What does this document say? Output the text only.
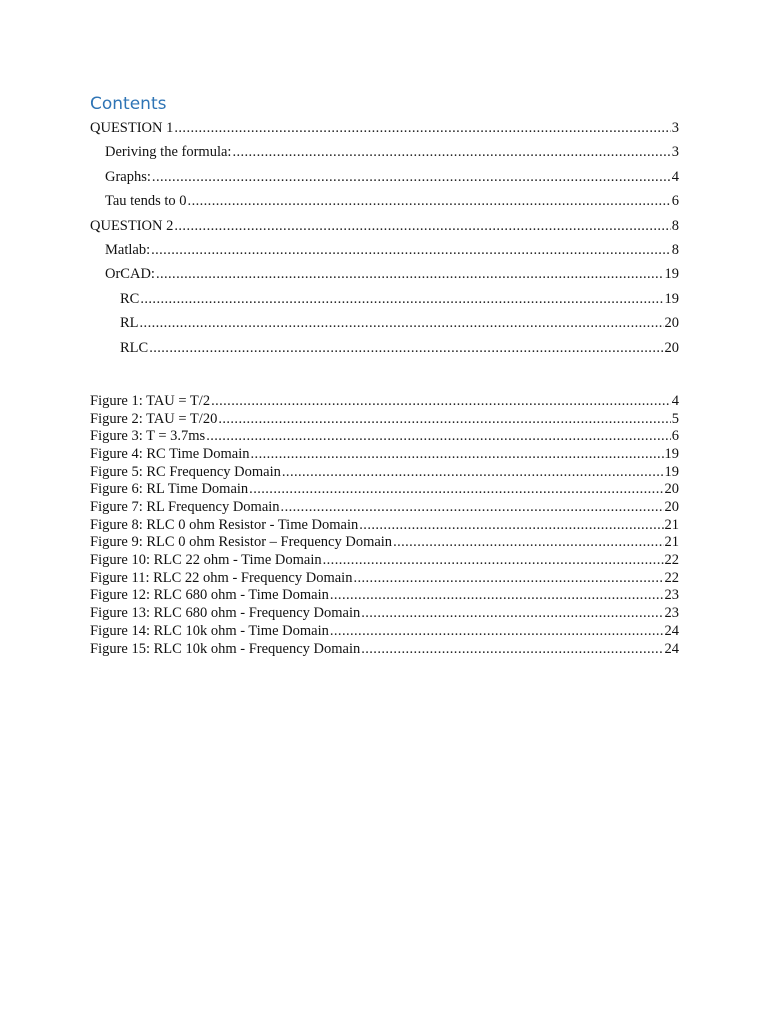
Contents
QUESTION 1 .....	3
Deriving the formula: .....	3
Graphs: .....	4
Tau tends to 0 .....	6
QUESTION 2 .....	8
Matlab: .....	8
OrCAD: .....	19
RC .....	19
RL .....	20
RLC .....	20
Figure 1: TAU = T/2 .....	4
Figure 2: TAU = T/20 .....	5
Figure 3: T = 3.7ms .....	6
Figure 4: RC Time Domain .....	19
Figure 5: RC Frequency Domain .....	19
Figure 6: RL Time Domain .....	20
Figure 7: RL Frequency Domain .....	20
Figure 8: RLC 0 ohm Resistor - Time Domain .....	21
Figure 9: RLC 0 ohm Resistor – Frequency Domain .....	21
Figure 10: RLC 22 ohm - Time Domain .....	22
Figure 11: RLC 22 ohm - Frequency Domain .....	22
Figure 12: RLC 680 ohm - Time Domain .....	23
Figure 13: RLC 680 ohm - Frequency Domain .....	23
Figure 14: RLC 10k ohm - Time Domain .....	24
Figure 15: RLC 10k ohm - Frequency Domain .....	24
